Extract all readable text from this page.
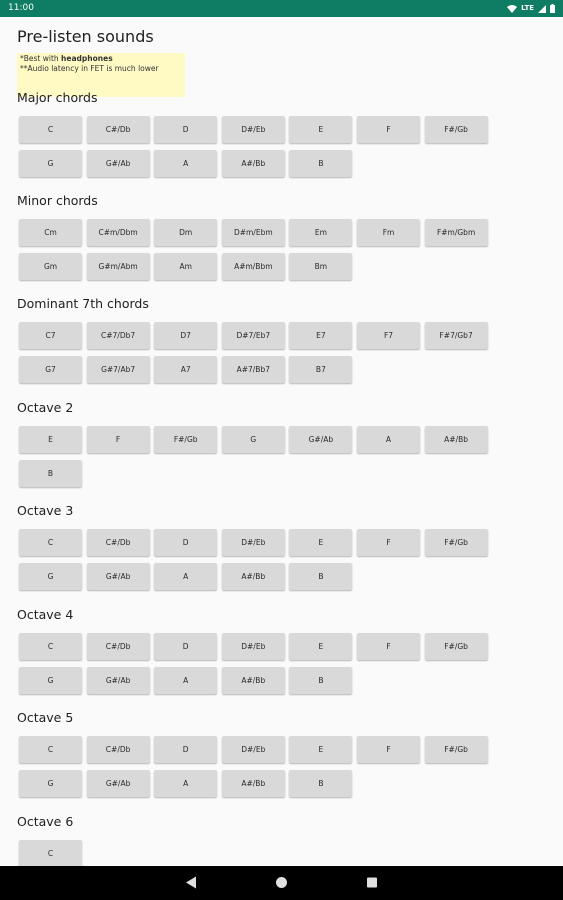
11:00	LTE
Pre-listen sounds
*Best with headphones
**Audio latency in FET is much lower
Major chords
C	C#/Db	D	D#/Eb	E	F	F#/Gb
G	G#/Ab	A	A#/Bb	B
Minor chords
Cm	C#m/Dbm	Dm	D#m/Ebm	Em	Fm	F#m/Gbm
Gm	G#m/Abm	Am	A#m/Bbm	Bm
Dominant 7th chords
C7	C#7/Db7	D7	D#7/Eb7	E7	F7	F#7/Gb7
G7	G#7/Ab7	A7	A#7/Bb7	B7
Octave 2
E	F	F#/Gb	G	G#/Ab	A	A#/Bb
B
Octave 3
C	C#/Db	D	D#/Eb	E	F	F#/Gb
G	G#/Ab	A	A#/Bb	B
Octave 4
C	C#/Db	D	D#/Eb	E	F	F#/Gb
G	G#/Ab	A	A#/Bb	B
Octave 5
C	C#/Db	D	D#/Eb	E	F	F#/Gb
G	G#/Ab	A	A#/Bb	B
Octave 6
C
